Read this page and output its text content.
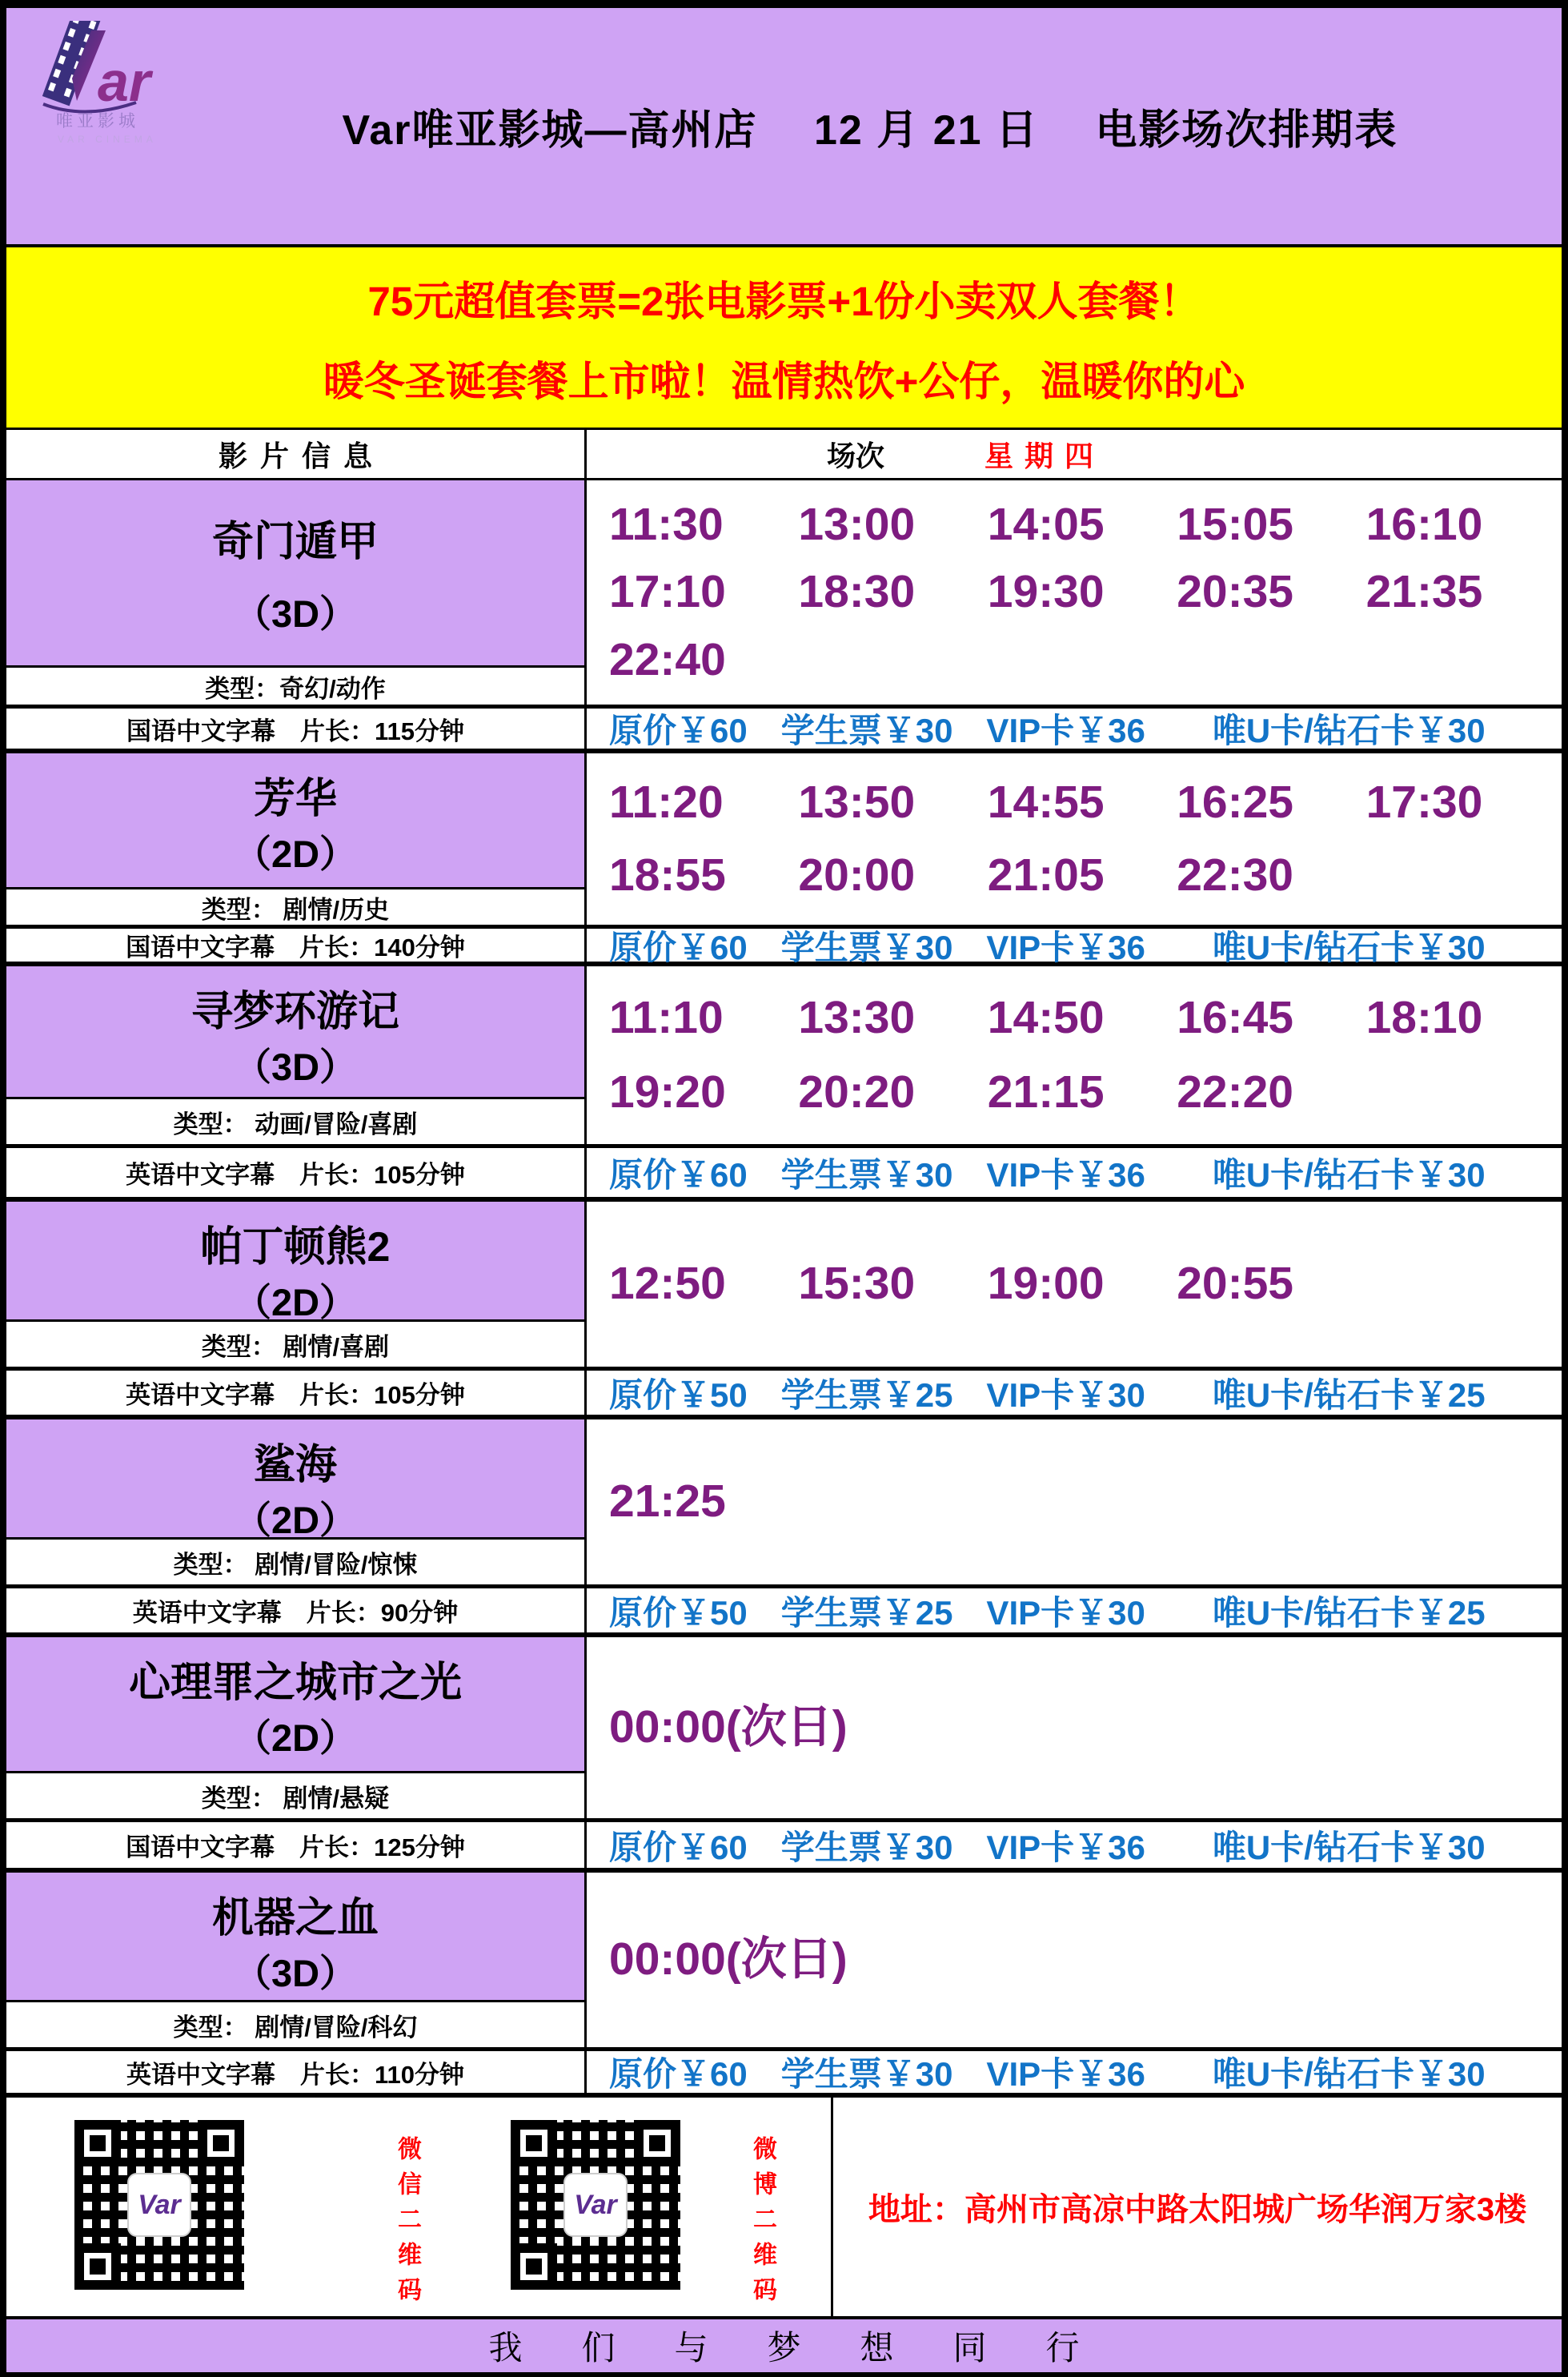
ar
唯亚影城
VAR CINEMA	Var唯亚影城—高州店　 12 月 21 日　 电影场次排期表
75元超值套票=2张电影票+1份小卖双人套餐！
暖冬圣诞套餐上市啦！温情热饮+公仔，温暖你的心
影片信息	场次	星期四
奇门遁甲
（3D）
类型：奇幻/动作
国语中文字幕　片长：115分钟
11:30	13:00	14:05	15:05	16:10
17:10	18:30	19:30	20:35	21:35
22:40
原价￥60　学生票￥30　VIP卡￥36　　唯U卡/钻石卡￥30
芳华
（2D）
类型： 剧情/历史
国语中文字幕　片长：140分钟
11:20	13:50	14:55	16:25	17:30
18:55	20:00	21:05	22:30
原价￥60　学生票￥30　VIP卡￥36　　唯U卡/钻石卡￥30
寻梦环游记
（3D）
类型： 动画/冒险/喜剧
英语中文字幕　片长：105分钟
11:10	13:30	14:50	16:45	18:10
19:20	20:20	21:15	22:20
原价￥60　学生票￥30　VIP卡￥36　　唯U卡/钻石卡￥30
帕丁顿熊2
（2D）
类型： 剧情/喜剧
英语中文字幕　片长：105分钟
12:50	15:30	19:00	20:55
原价￥50　学生票￥25　VIP卡￥30　　唯U卡/钻石卡￥25
鲨海
（2D）
类型： 剧情/冒险/惊悚
英语中文字幕　片长：90分钟
21:25
原价￥50　学生票￥25　VIP卡￥30　　唯U卡/钻石卡￥25
心理罪之城市之光
（2D）
类型： 剧情/悬疑
国语中文字幕　片长：125分钟
00:00(次日)
原价￥60　学生票￥30　VIP卡￥36　　唯U卡/钻石卡￥30
机器之血
（3D）
类型： 剧情/冒险/科幻
英语中文字幕　片长：110分钟
00:00(次日)
原价￥60　学生票￥30　VIP卡￥36　　唯U卡/钻石卡￥30
Var	微信二维码	Var	微博二维码	地址：高州市高凉中路太阳城广场华润万家3楼
我们与梦想同行
